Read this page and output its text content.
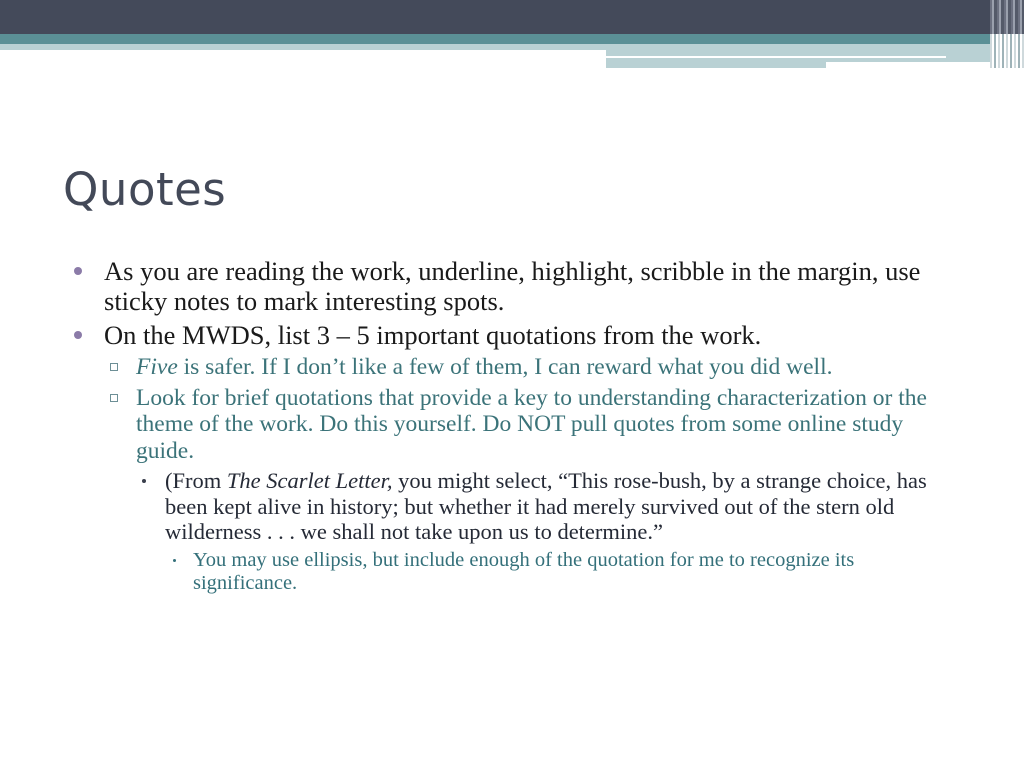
Quotes
As you are reading the work, underline, highlight, scribble in the margin, use sticky notes to mark interesting spots.
On the MWDS, list 3 – 5 important quotations from the work.
Five is safer. If I don’t like a few of them, I can reward what you did well.
Look for brief quotations that provide a key to understanding characterization or the theme of the work. Do this yourself. Do NOT pull quotes from some online study guide.
(From The Scarlet Letter, you might select, “This rose-bush, by a strange choice, has been kept alive in history; but whether it had merely survived out of the stern old wilderness . . . we shall not take upon us to determine.”
You may use ellipsis, but include enough of the quotation for me to recognize its significance.
